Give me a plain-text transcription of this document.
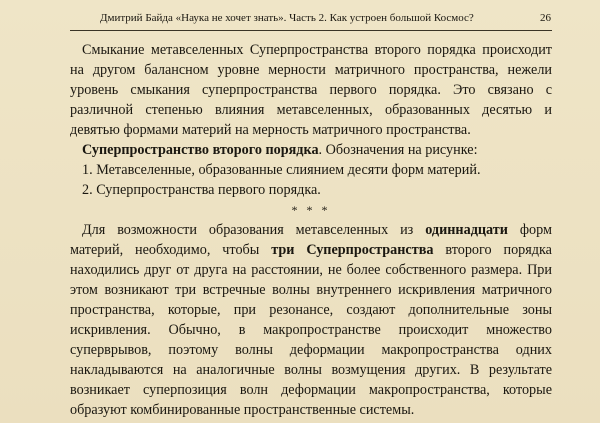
Дмитрий Байда «Наука не хочет знать». Часть 2. Как устроен большой Космос?	26

Смыкание метавселенных Суперпространства второго порядка происходит на другом балансном уровне мерности матричного пространства, нежели уровень смыкания суперпространства первого порядка. Это связано с различной степенью влияния метавселенных, образованных десятью и девятью формами материй на мерность матричного пространства.

Суперпространство второго порядка. Обозначения на рисунке:

1. Метавселенные, образованные слиянием десяти форм материй.

2. Суперпространства первого порядка.

* * *

Для возможности образования метавселенных из одиннадцати форм материй, необходимо, чтобы три Суперпространства второго порядка находились друг от друга на расстоянии, не более собственного размера. При этом возникают три встречные волны внутреннего искривления матричного пространства, которые, при резонансе, создают дополнительные зоны искривления. Обычно, в макропространстве происходит множество суперврывов, поэтому волны деформации макропространства одних накладываются на аналогичные волны возмущения других. В результате возникает суперпозиция волн деформации макропространства, которые образуют комбинированные пространственные системы.
